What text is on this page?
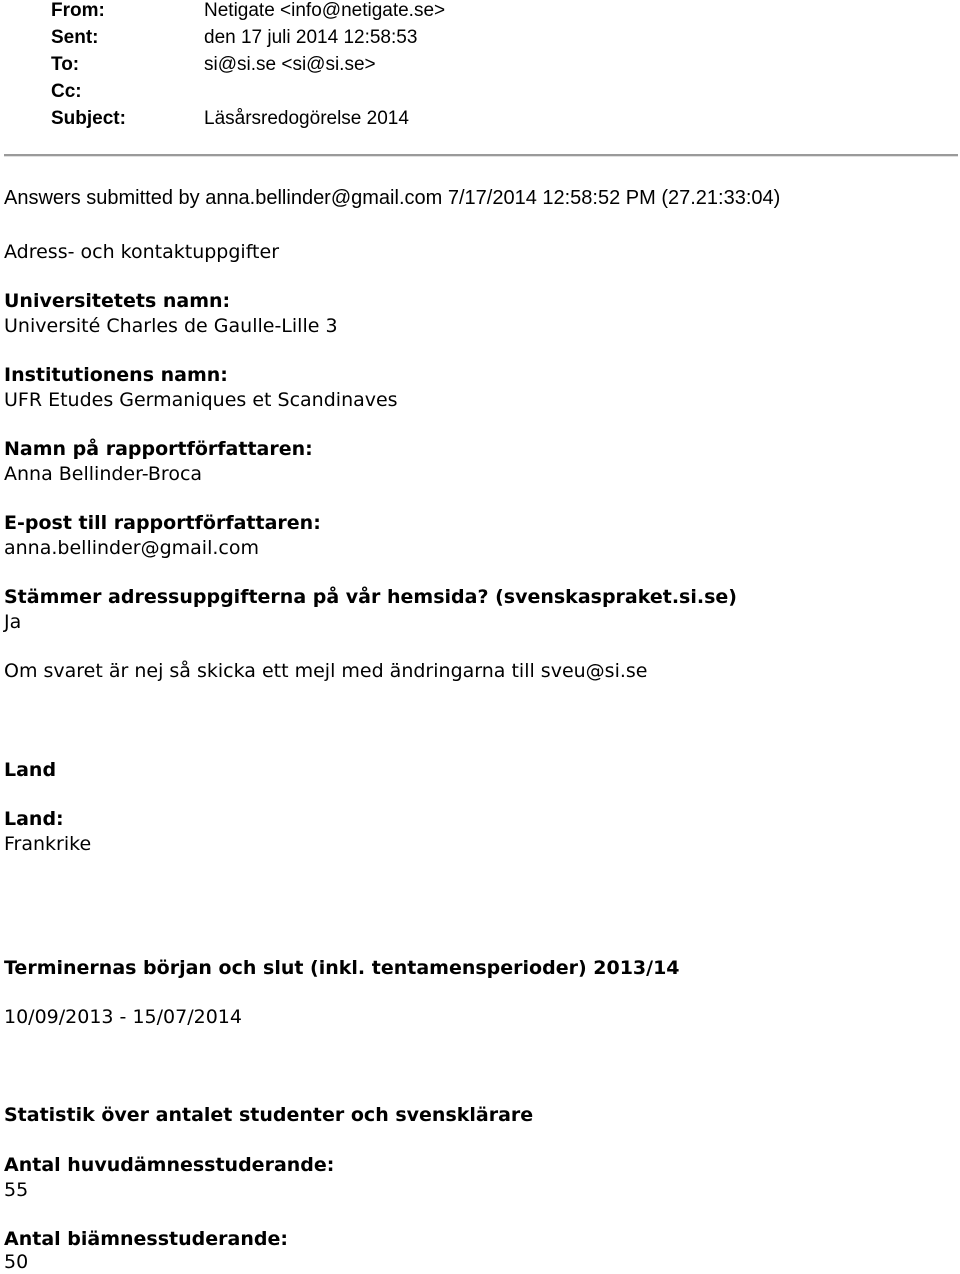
From:	Netigate <info@netigate.se>
Sent:	den 17 juli 2014 12:58:53
To:	si@si.se <si@si.se>
Cc:
Subject:	Läsårsredogörelse 2014
Answers submitted by anna.bellinder@gmail.com 7/17/2014 12:58:52 PM (27.21:33:04)
Adress- och kontaktuppgifter
Universitetets namn:
Université Charles de Gaulle-Lille 3
Institutionens namn:
UFR Etudes Germaniques et Scandinaves
Namn på rapportförfattaren:
Anna Bellinder-Broca
E-post till rapportförfattaren:
anna.bellinder@gmail.com
Stämmer adressuppgifterna på vår hemsida? (svenskaspraket.si.se)
Ja
Om svaret är nej så skicka ett mejl med ändringarna till sveu@si.se
Land
Land:
Frankrike
Terminernas början och slut (inkl. tentamensperioder) 2013/14
10/09/2013 - 15/07/2014
Statistik över antalet studenter och svensklärare
Antal huvudämnesstuderande:
55
Antal biämnesstuderande:
50
